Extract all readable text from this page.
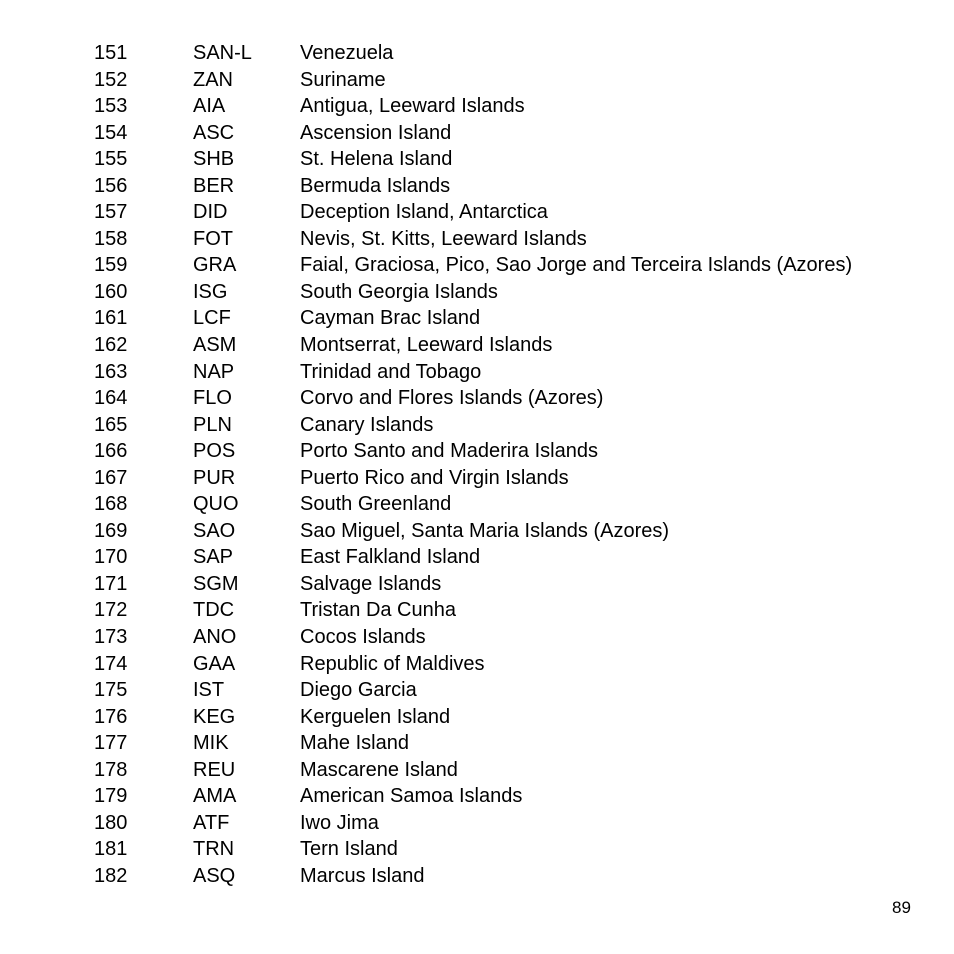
151	SAN-L Venezuela
152	ZAN	Suriname
153	AIA	Antigua, Leeward Islands
154	ASC	Ascension Island
155	SHB	St. Helena Island
156	BER	Bermuda Islands
157	DID	Deception Island, Antarctica
158	FOT	Nevis, St. Kitts, Leeward Islands
159	GRA	Faial, Graciosa, Pico, Sao Jorge and Terceira Islands (Azores)
160	ISG	South Georgia Islands
161	LCF	Cayman Brac Island
162	ASM	Montserrat, Leeward Islands
163	NAP	Trinidad and Tobago
164	FLO	Corvo and Flores Islands (Azores)
165	PLN	Canary Islands
166	POS	Porto Santo and Maderira Islands
167	PUR	Puerto Rico and Virgin Islands
168	QUO	South Greenland
169	SAO	Sao Miguel, Santa Maria Islands (Azores)
170	SAP	East Falkland Island
171	SGM	Salvage Islands
172	TDC	Tristan Da Cunha
173	ANO	Cocos Islands
174	GAA	Republic of Maldives
175	IST	Diego Garcia
176	KEG	Kerguelen Island
177	MIK	Mahe Island
178	REU	Mascarene Island
179	AMA	American Samoa Islands
180	ATF	Iwo Jima
181	TRN	Tern Island
182	ASQ	Marcus Island
89
